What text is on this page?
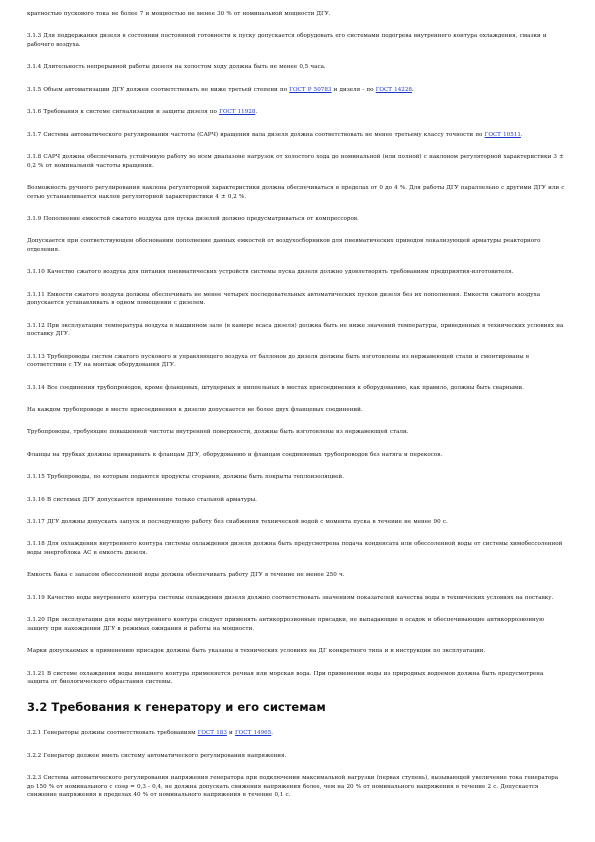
кратностью пускового тока не более 7 и мощностью не менее 30 % от номинальной мощности ДГУ.
3.1.3 Для поддержания дизеля в состоянии постоянной готовности к пуску допускается оборудовать его системами подогрева внутреннего контура охлаждения, смазки и рабочего воздуха.
3.1.4 Длительность непрерывной работы дизеля на холостом ходу должна быть не менее 0,5 часа.
3.1.5 Объем автоматизации ДГУ должен соответствовать не ниже третьей степени по ГОСТ Р 50783 и дизеля - по ГОСТ 14228.
3.1.6 Требования к системе сигнализации и защиты дизеля по ГОСТ 11928.
3.1.7 Система автоматического регулирования частоты (САРЧ) вращения вала дизеля должна соответствовать не менее третьему классу точности по ГОСТ 10511.
3.1.8 САРЧ должна обеспечивать устойчивую работу во всем диапазоне нагрузок от холостого хода до номинальной (или полной) с наклоном регуляторной характеристики 3 ± 0,2 % от номинальной частоты вращения.
Возможность ручного регулирования наклона регуляторной характеристики должна обеспечиваться в пределах от 0 до 4 %. Для работы ДГУ параллельно с другими ДГУ или с сетью устанавливается наклон регуляторной характеристики 4 ± 0,2 %.
3.1.9 Пополнение емкостей сжатого воздуха для пуска дизелей должно предусматриваться от компрессоров.
Допускается при соответствующем обосновании пополнение данных емкостей от воздухосборников для пневматических приводов локализующей арматуры реакторного отделения.
3.1.10 Качество сжатого воздуха для питания пневматических устройств системы пуска дизеля должно удовлетворять требованиям предприятия-изготовителя.
3.1.11 Емкости сжатого воздуха должны обеспечивать не менее четырех последовательных автоматических пусков дизеля без их пополнения. Емкости сжатого воздуха допускается устанавливать в одном помещении с дизелем.
3.1.12 При эксплуатации температура воздуха в машинном зале (в камере всаса дизеля) должна быть не ниже значений температуры, приведенных в технических условиях на поставку ДГУ.
3.1.13 Трубопроводы систем сжатого пускового и управляющего воздуха от баллонов до дизеля должны быть изготовлены из нержавеющей стали и смонтированы в соответствии с ТУ на монтаж оборудования ДГУ.
3.1.14 Все соединения трубопроводов, кроме фланцевых, штуцерных и ниппельных в местах присоединения к оборудованию, как правило, должны быть сварными.
На каждом трубопроводе в месте присоединения к дизелю допускается не более двух фланцевых соединений.
Трубопроводы, требующие повышенной чистоты внутренней поверхности, должны быть изготовлены из нержавеющей стали.
Фланцы на трубках должны приваривать к фланцам ДГУ, оборудованию и фланцам соединяемых трубопроводов без натяга и перекосов.
3.1.15 Трубопроводы, по которым подаются продукты сгорания, должны быть покрыты теплоизоляцией.
3.1.16 В системах ДГУ допускается применение только стальной арматуры.
3.1.17 ДГУ должны допускать запуск и последующую работу без снабжения технической водой с момента пуска в течение не менее 90 с.
3.1.18 Для охлаждения внутреннего контура системы охлаждения дизеля должна быть предусмотрена подача конденсата или обессоленной воды от системы химобессоленной воды энергоблока АС в емкость дизеля.
Емкость бака с запасом обессоленной воды должна обеспечивать работу ДГУ в течение не менее 250 ч.
3.1.19 Качество воды внутреннего контура системы охлаждения дизеля должно соответствовать значениям показателей качества воды в технических условиях на поставку.
3.1.20 При эксплуатации для воды внутреннего контура следует применять антикоррозионные присадки, не выпадающие в осадок и обеспечивающие антикоррозионную защиту при нахождении ДГУ в режимах ожидания и работы на мощности.
Марки допускаемых к применению присадок должны быть указаны в технических условиях на ДГ конкретного типа и в инструкции по эксплуатации.
3.1.21 В системе охлаждения воды внешнего контура применяется речная или морская вода. При применении воды из природных водоемов должна быть предусмотрена защита от биологического обрастания системы.
3.2 Требования к генератору и его системам
3.2.1 Генераторы должны соответствовать требованиям ГОСТ 183 и ГОСТ 14965.
3.2.2 Генератор должен иметь систему автоматического регулирования напряжения.
3.2.3 Система автоматического регулирования напряжения генератора при подключении максимальной нагрузки (первая ступень), вызывающей увеличение тока генератора до 150 % от номинального с cosφ = 0,3 - 0,4, не должна допускать снижения напряжения более, чем на 20 % от номинального напряжения в течение 2 с. Допускается снижение напряжения в пределах 40 % от номинального напряжения в течение 0,1 с.
